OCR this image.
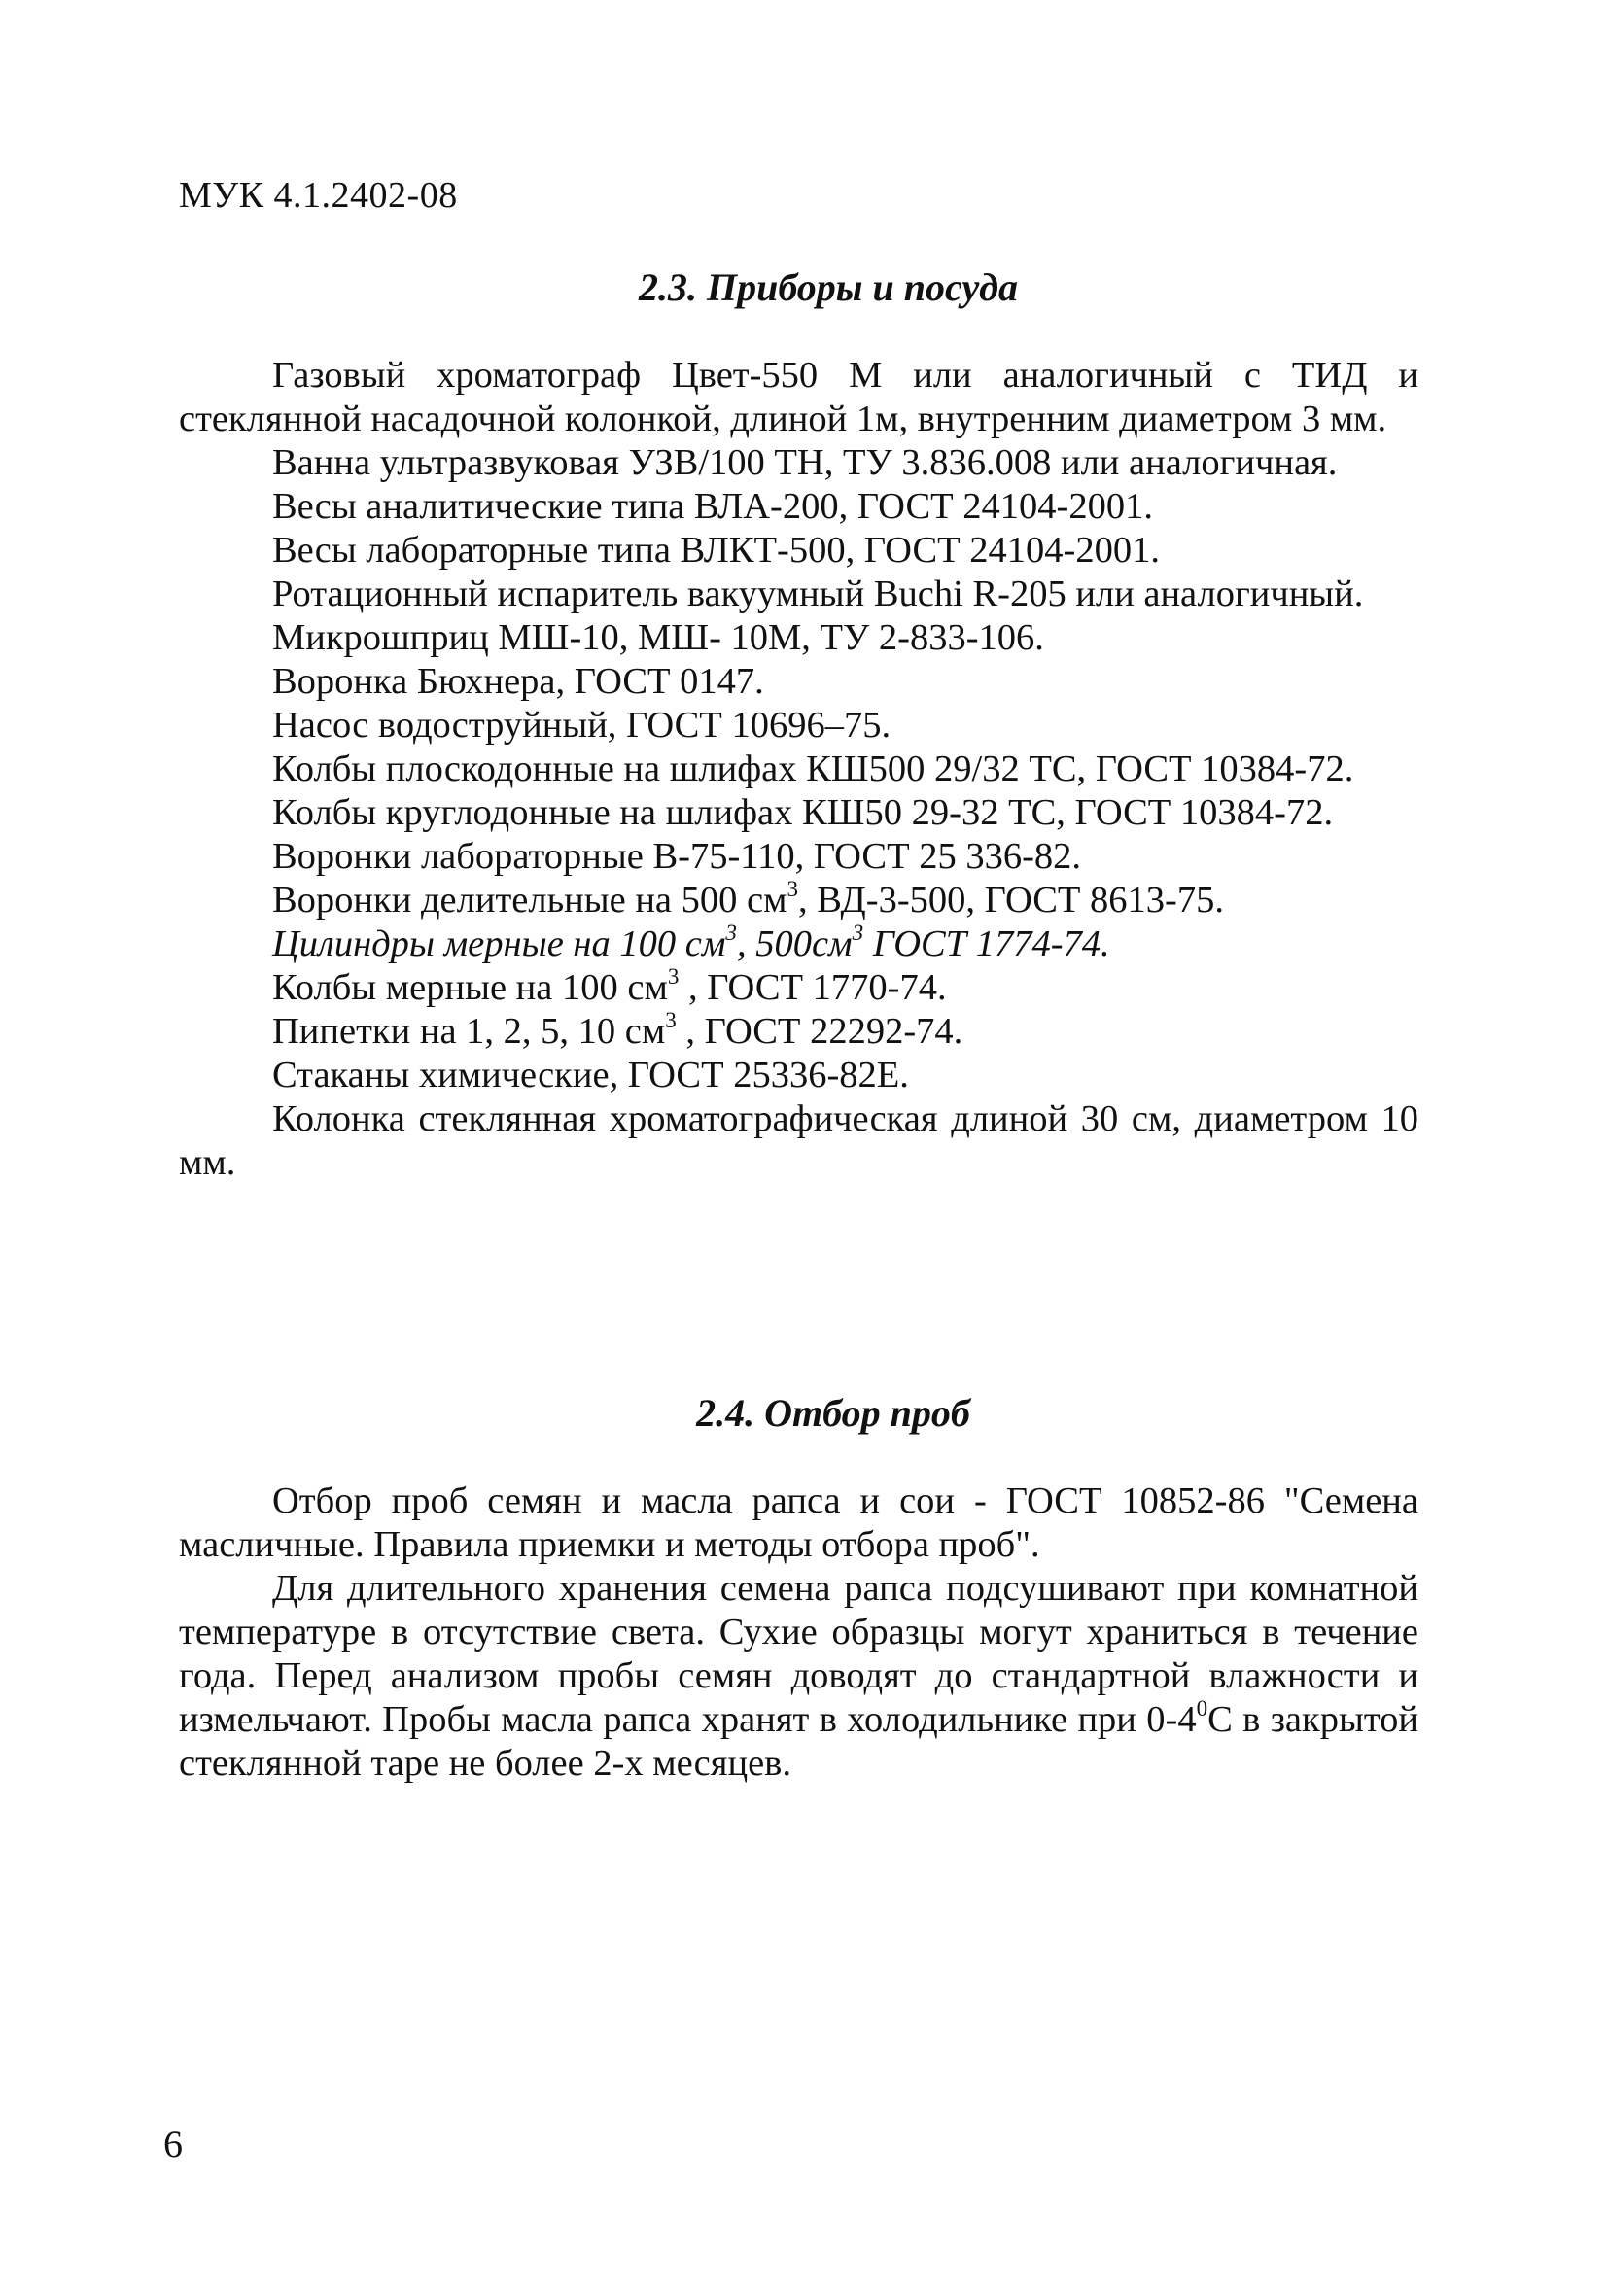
МУК 4.1.2402-08
2.3. Приборы и посуда

Газовый хроматограф Цвет-550 М или аналогичный с ТИД и стеклянной насадочной колонкой, длиной 1м, внутренним диаметром 3 мм.

Ванна ультразвуковая УЗВ/100 ТН, ТУ 3.836.008 или аналогичная.

Весы аналитические типа ВЛА-200, ГОСТ 24104-2001.
Весы лабораторные типа ВЛКТ-500, ГОСТ 24104-2001.

Ротационный испаритель вакуумный Buchi R-205 или аналогичный.

Микрошприц МШ-10, МШ- 10М, ТУ 2-833-106.
Воронка Бюхнера, ГОСТ 0147.
Насос водоструйный, ГОСТ 10696–75.
Колбы плоскодонные на шлифах КШ500 29/32 ТС, ГОСТ 10384-72.
Колбы круглодонные на шлифах КШ50 29-32 ТС, ГОСТ 10384-72.
Воронки лабораторные В-75-110, ГОСТ 25 336-82.
Воронки делительные на 500 $см^3$, ВД-3-500, ГОСТ 8613-75.
Цилиндры мерные на 100 $см^3$, $500см^3$ ГОСТ 1774-74.
Колбы мерные на 100 $см^3$ , ГОСТ 1770-74.
Пипетки на 1, 2, 5, 10 $см^3$ , ГОСТ 22292-74.
Стаканы химические, ГОСТ 25336-82Е.

Колонка стеклянная хроматографическая длиной 30 см, диаметром 10 мм.

2.4. Отбор проб

Отбор проб семян и масла рапса и сои - ГОСТ 10852-86 "Семена масличные. Правила приемки и методы отбора проб".

Для длительного хранения семена рапса подсушивают при комнатной температуре в отсутствие света. Сухие образцы могут храниться в течение года. Перед анализом пробы семян доводят до стандартной влажности и измельчают. Пробы масла рапса хранят в холодильнике при $0-4^0С$ в закрытой стеклянной таре не более 2-х месяцев.

6
